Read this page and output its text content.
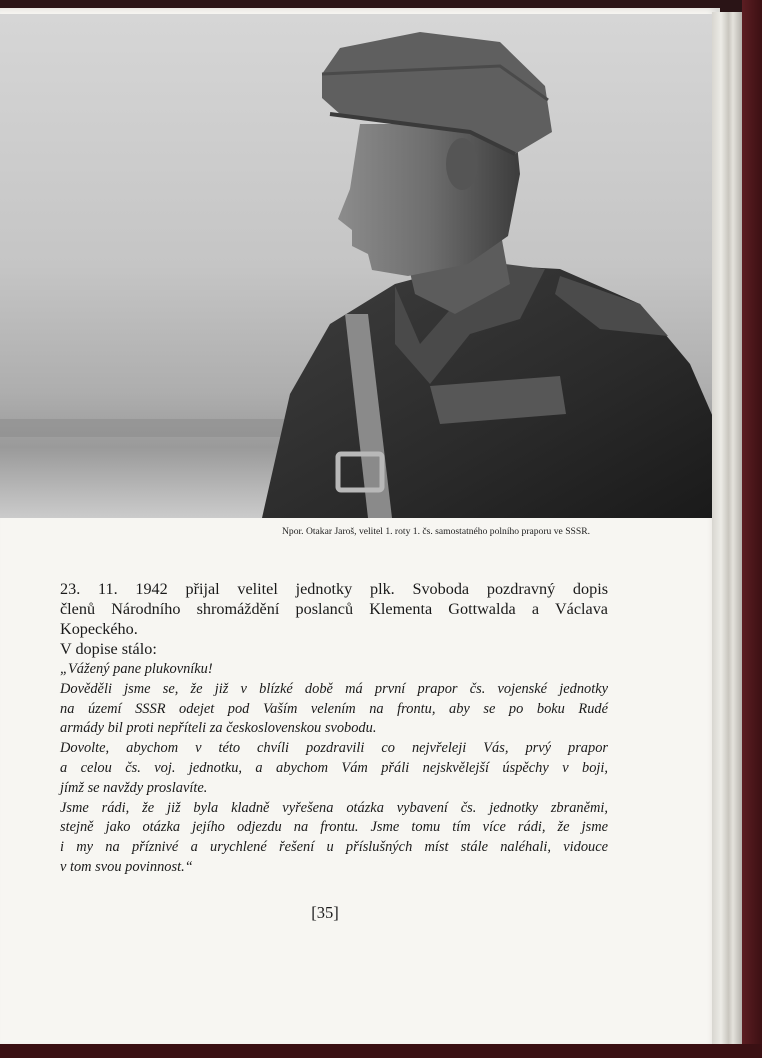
Npor. Otakar Jaroš, velitel 1. roty 1. čs. samostatného polního praporu ve SSSR.
23. 11. 1942 přijal velitel jednotky plk. Svoboda pozdravný dopis
členů Národního shromáždění poslanců Klementa Gottwalda a Václava
Kopeckého.
V dopise stálo:
„Vážený pane plukovníku!
Dověděli jsme se, že již v blízké době má první prapor čs. vojenské jednotky
na území SSSR odejet pod Vaším velením na frontu, aby se po boku Rudé
armády bil proti nepříteli za československou svobodu.
Dovolte, abychom v této chvíli pozdravili co nejvřeleji Vás, prvý prapor
a celou čs. voj. jednotku, a abychom Vám přáli nejskvělejší úspěchy v boji,
jímž se navždy proslavíte.
Jsme rádi, že již byla kladně vyřešena otázka vybavení čs. jednotky zbraněmi,
stejně jako otázka jejího odjezdu na frontu. Jsme tomu tím více rádi, že jsme
i my na příznivé a urychlené řešení u příslušných míst stále naléhali, vidouce
v tom svou povinnost.“
[35]
